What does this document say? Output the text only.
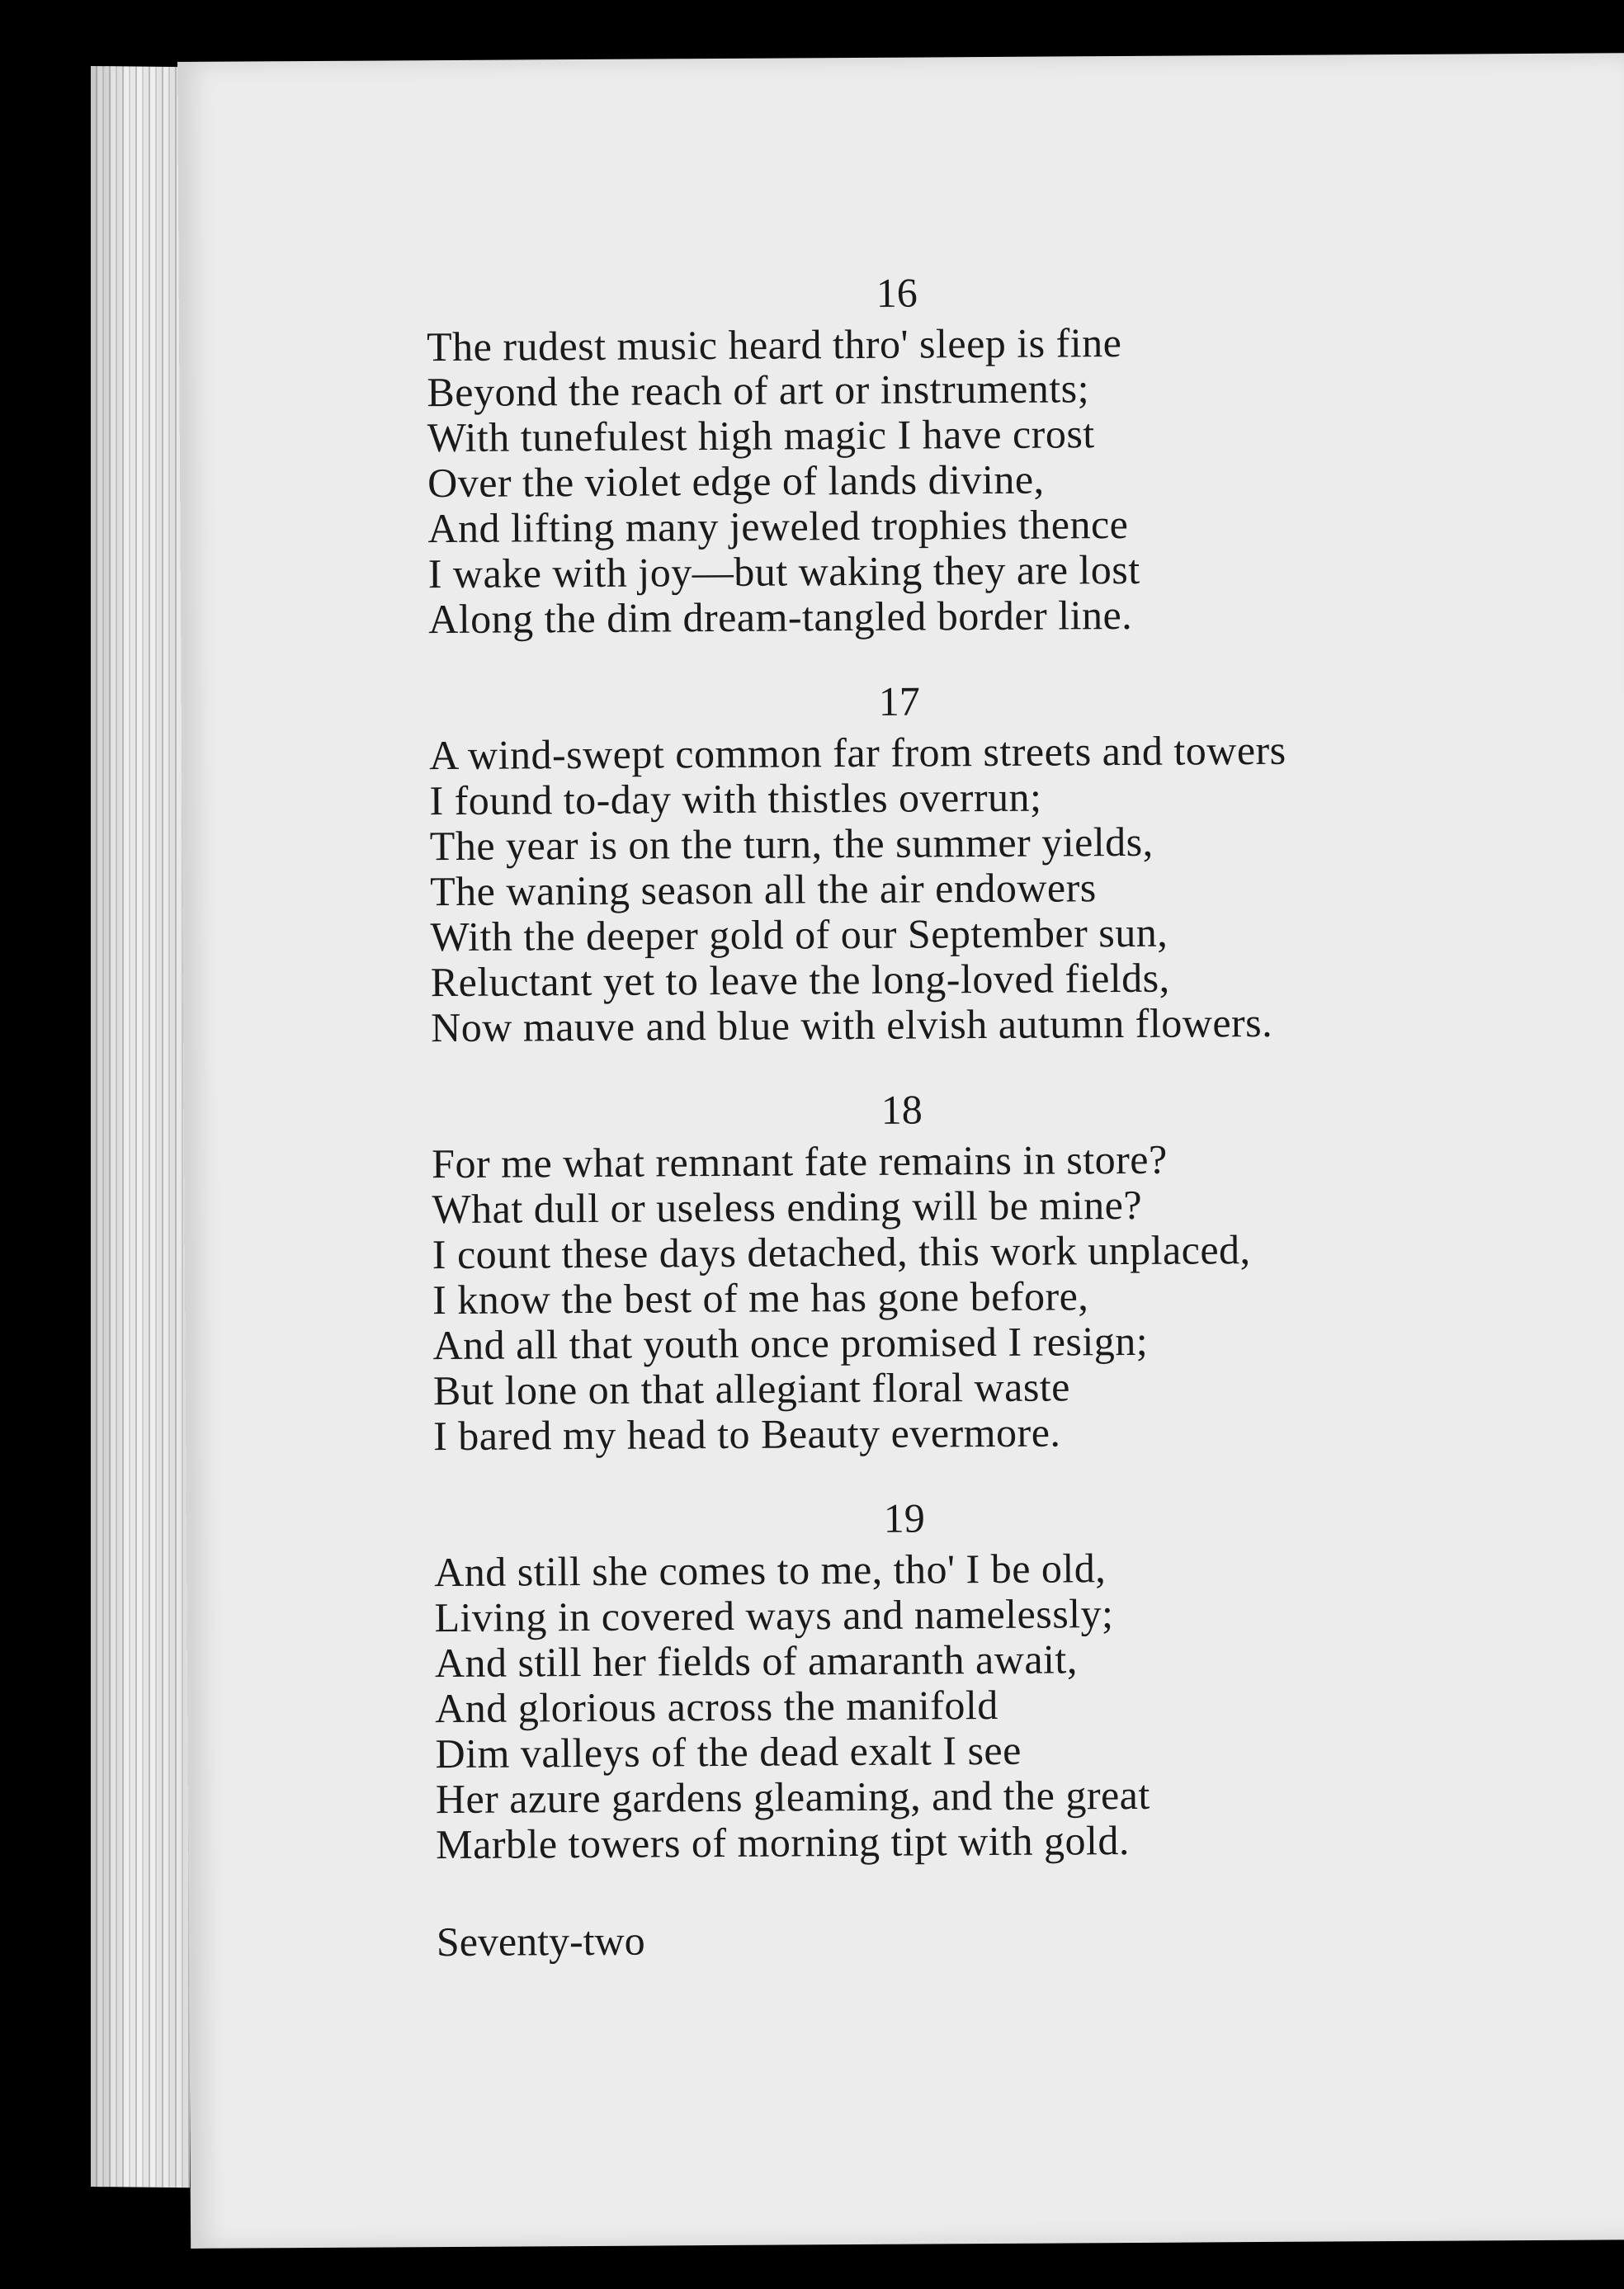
16
The rudest music heard thro' sleep is fine
Beyond the reach of art or instruments;
With tunefulest high magic I have crost
Over the violet edge of lands divine,
And lifting many jeweled trophies thence
I wake with joy—but waking they are lost
Along the dim dream-tangled border line.
17
A wind-swept common far from streets and towers
I found to-day with thistles overrun;
The year is on the turn, the summer yields,
The waning season all the air endowers
With the deeper gold of our September sun,
Reluctant yet to leave the long-loved fields,
Now mauve and blue with elvish autumn flowers.
18
For me what remnant fate remains in store?
What dull or useless ending will be mine?
I count these days detached, this work unplaced,
I know the best of me has gone before,
And all that youth once promised I resign;
But lone on that allegiant floral waste
I bared my head to Beauty evermore.
19
And still she comes to me, tho' I be old,
Living in covered ways and namelessly;
And still her fields of amaranth await,
And glorious across the manifold
Dim valleys of the dead exalt I see
Her azure gardens gleaming, and the great
Marble towers of morning tipt with gold.
Seventy-two
